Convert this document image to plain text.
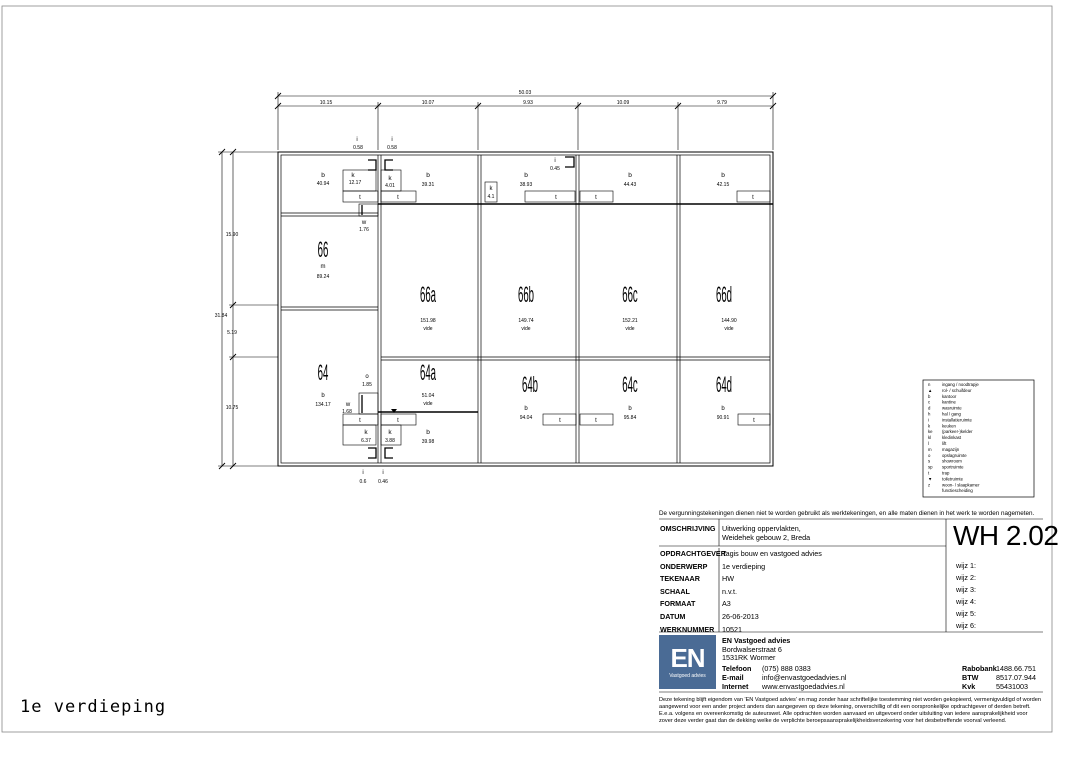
50.03
10.15	10.07	9.93	10.09	9.79
31.84
15.90
5.19
10.75
b
40.94
k
12.17
k
4.01
b
39.31
b
38.93
b
44.43
b
42.15
i
0.58
i
0.58
i
0.45
k
4.1
w
1.76
t	t	t	t	t
t	t	t	t	t
66
m
89.24
66a
151.98
vide
66b
149.74
vide
66c
152.21
vide
66d
144.90
vide
64
b
134.17
64a
51.04
vide
64b
b
94.04
64c
b
95.84
64d
b
90.91
o
1.85
w
1.68
k
6.37
k
3.88
b
39.98
i
0.6
i
0.46
n	ingang / noodtrapje
▲ rol- / schuifdeur
b	kantoor
c	kantine
d	wasruimte
h	hal / gang
i	installatieruimte
k	keuken
ke (parkeer-)kelder
kl	kledinkast
l	lift
m magazijn
o	opslagruimte
s	showroom
sp sportruimte
t	trap
▼ toiletruimte
z	woon- / slaapkamer
functiescheiding
De vergunningstekeningen dienen niet te worden gebruikt als werktekeningen, en alle maten dienen in het werk te worden nagemeten.
OMSCHRIJVING Uitwerking oppervlakten,
Weidehek gebouw 2, Breda	WH 2.02
OPDRACHTGEVER
Tagis bouw en vastgoed advies
ONDERWERP 1e verdieping
TEKENAAR	HW
SCHAAL	n.v.t.
FORMAAT	A3
DATUM	26-06-2013
WERKNUMMER 10521
wijz 1:
wijz 2:
wijz 3:
wijz 4:
wijz 5:
wijz 6:
EN
Vastgoed advies
EN Vastgoed advies
Bordwalserstraat 6
1531RK Wormer
Telefoon (075) 888 0383
E-mail	info@envastgoedadvies.nl
Internet www.envastgoedadvies.nl
Rabobank 1488.66.751
BTW 8517.07.944
Kvk	55431003
Deze tekening blijft eigendom van 'EN Vastgoed advies' en mag zonder haar schriftelijke toestemming niet worden gekopieerd, vermenigvuldigd of worden aangewend voor een ander project anders dan aangegeven op deze tekening, onverschillig of dit een oorspronkelijke opdrachtgever of derden betreft. E.e.a. volgens en overeenkomstig de auteurswet. Alle opdrachten worden aanvaard en uitgevoerd onder uitsluiting van iedere aansprakelijkheid voor zover deze verder gaat dan de dekking welke de verplichte beroepsaansprakelijkheidsverzekering voor het desbetreffende voorval verleend.
1e verdieping
